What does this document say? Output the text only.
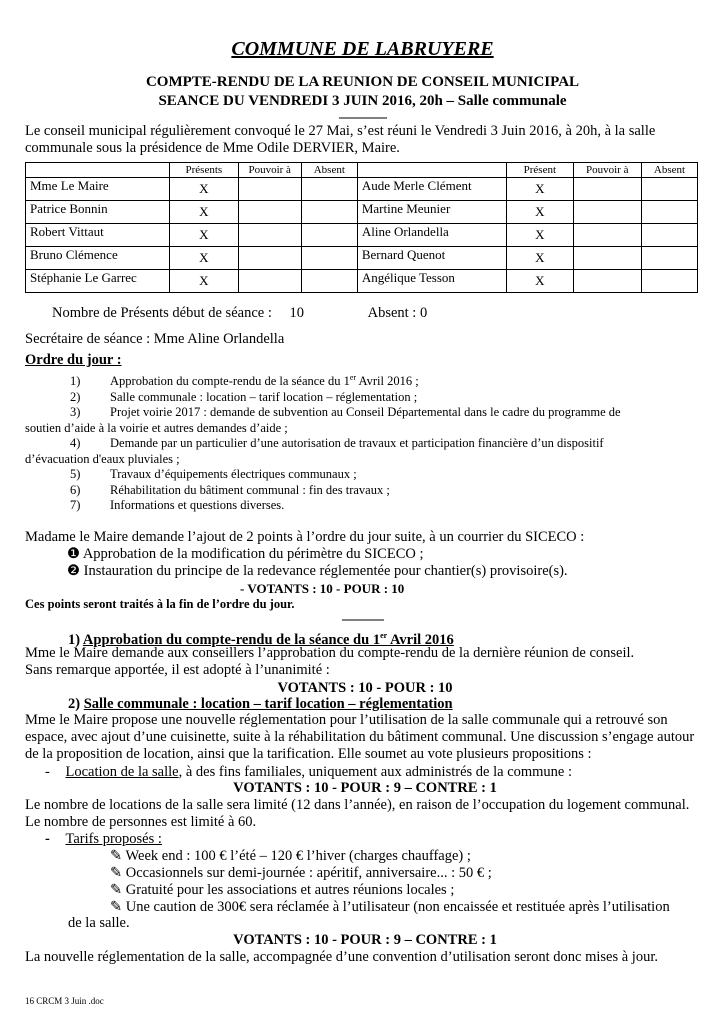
COMMUNE DE LABRUYERE
COMPTE-RENDU DE LA REUNION DE CONSEIL MUNICIPAL
SEANCE DU VENDREDI 3 JUIN 2016, 20h – Salle communale
----------------
Le conseil municipal régulièrement convoqué le 27 Mai, s’est réuni le Vendredi 3 Juin 2016, à 20h, à la salle communale sous la présidence de Mme Odile DERVIER, Maire.
	Présents	Pouvoir à	Absent		Présent	Pouvoir à	Absent
Mme Le Maire	X			Aude Merle Clément	X		
Patrice Bonnin	X			Martine Meunier	X		
Robert Vittaut	X			Aline Orlandella	X		
Bruno Clémence	X			Bernard Quenot	X		
Stéphanie Le Garrec	X			Angélique Tesson	X		
Nombre de Présents début de séance : 10	Absent : 0
Secrétaire de séance : Mme Aline Orlandella
Ordre du jour :
1) Approbation du compte-rendu de la séance du 1er Avril 2016 ;
2) Salle communale : location – tarif location – réglementation ;
3) Projet voirie 2017 : demande de subvention au Conseil Départemental dans le cadre du programme de
soutien d’aide à la voirie et autres demandes d’aide ;
4) Demande par un particulier d’une autorisation de travaux et participation financière d’un dispositif
d’évacuation d'eaux pluviales ;
5) Travaux d’équipements électriques communaux ;
6) Réhabilitation du bâtiment communal : fin des travaux ;
7) Informations et questions diverses.
Madame le Maire demande l’ajout de 2 points à l’ordre du jour suite, à un courrier du SICECO :
❶ Approbation de la modification du périmètre du SICECO ;
❷ Instauration du principe de la redevance réglementée pour chantier(s) provisoire(s).
- VOTANTS : 10 - POUR : 10
Ces points seront traités à la fin de l’ordre du jour.
--------------
1) Approbation du compte-rendu de la séance du 1er Avril 2016
Mme le Maire demande aux conseillers l’approbation du compte-rendu de la dernière réunion de conseil.
Sans remarque apportée, il est adopté à l’unanimité :
VOTANTS : 10 - POUR : 10
2) Salle communale : location – tarif location – réglementation
Mme le Maire propose une nouvelle réglementation pour l’utilisation de la salle communale qui a retrouvé son espace, avec ajout d’une cuisinette, suite à la réhabilitation du bâtiment communal. Une discussion s’engage autour de la proposition de location, ainsi que la tarification. Elle soumet au vote plusieurs propositions :
- Location de la salle, à des fins familiales, uniquement aux administrés de la commune :
VOTANTS : 10 - POUR : 9 – CONTRE : 1
Le nombre de locations de la salle sera limité (12 dans l’année), en raison de l’occupation du logement communal. Le nombre de personnes est limité à 60.
- Tarifs proposés :
✎ Week end : 100 € l’été – 120 € l’hiver (charges chauffage) ;
✎ Occasionnels sur demi-journée : apéritif, anniversaire... : 50 € ;
✎ Gratuité pour les associations et autres réunions locales ;
✎ Une caution de 300€ sera réclamée à l’utilisateur (non encaissée et restituée après l’utilisation
de la salle.
VOTANTS : 10 - POUR : 9 – CONTRE : 1
La nouvelle réglementation de la salle, accompagnée d’une convention d’utilisation seront donc mises à jour.
16 CRCM 3 Juin .doc
